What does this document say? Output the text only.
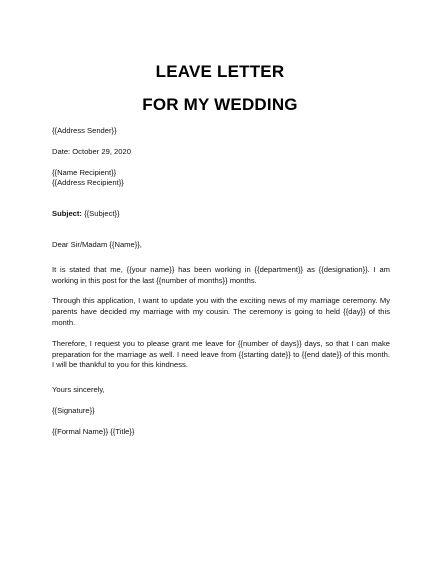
LEAVE LETTER
FOR MY WEDDING
{{Address Sender}}
Date: October 29, 2020
{{Name Recipient}}
{{Address Recipient}}
Subject: {{Subject}}
Dear Sir/Madam {{Name}},
It is stated that me, {{your name}} has been working in {{department}} as {{designation}}. I am working in this post for the last {{number of months}} months.
Through this application, I want to update you with the exciting news of my marriage ceremony. My parents have decided my marriage with my cousin. The ceremony is going to held {{day}} of this month.
Therefore, I request you to please grant me leave for {{number of days}} days, so that I can make preparation for the marriage as well. I need leave from {{starting date}} to {{end date}} of this month. I will be thankful to you for this kindness.
Yours sincerely,
{{Signature}}
{{Formal Name}} {{Title}}
